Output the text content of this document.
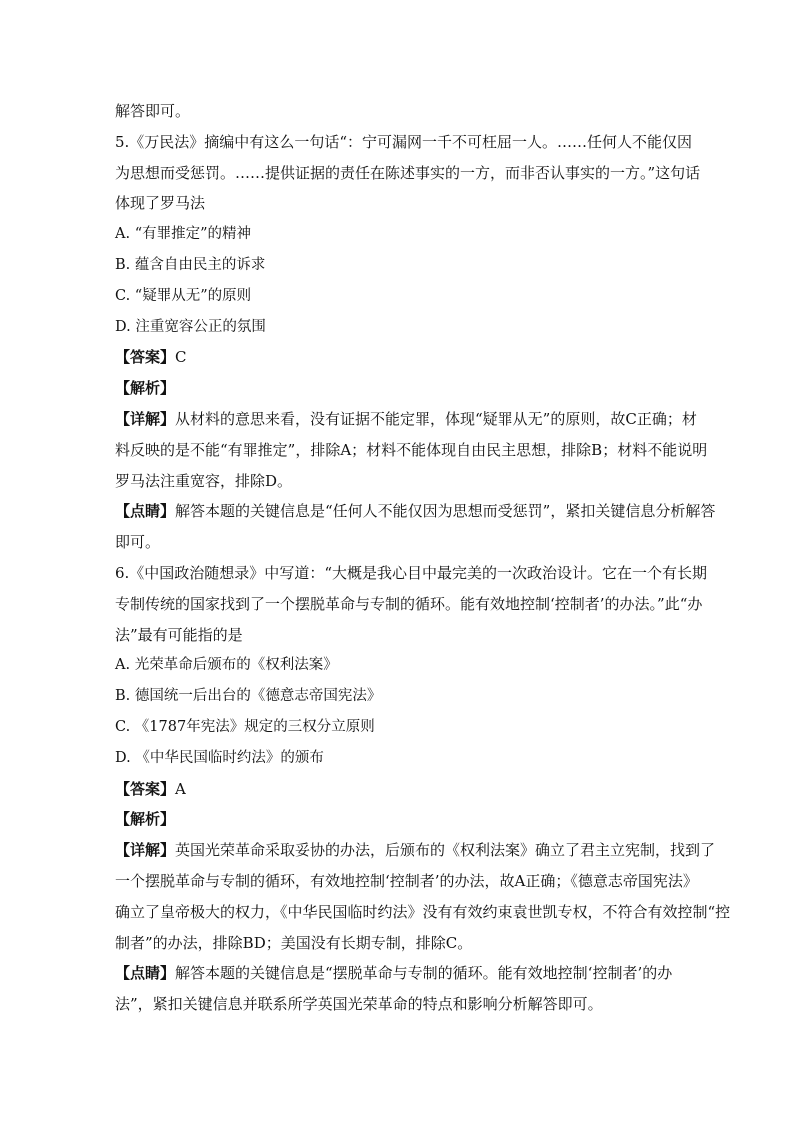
解答即可。
5.《万民法》摘编中有这么一句话“：宁可漏网一千不可枉屈一人。……任何人不能仅因
为思想而受惩罚。……提供证据的责任在陈述事实的一方，而非否认事实的一方。”这句话
体现了罗马法
A. “有罪推定”的精神
B. 蕴含自由民主的诉求
C. “疑罪从无”的原则
D. 注重宽容公正的氛围
【答案】C
【解析】
【详解】从材料的意思来看，没有证据不能定罪，体现“疑罪从无”的原则，故C正确；材
料反映的是不能“有罪推定”，排除A；材料不能体现自由民主思想，排除B；材料不能说明
罗马法注重宽容，排除D。
【点睛】解答本题的关键信息是“任何人不能仅因为思想而受惩罚”，紧扣关键信息分析解答
即可。
6.《中国政治随想录》中写道：“大概是我心目中最完美的一次政治设计。它在一个有长期
专制传统的国家找到了一个摆脱革命与专制的循环。能有效地控制‘控制者’的办法。”此“办
法”最有可能指的是
A. 光荣革命后颁布的《权利法案》
B. 德国统一后出台的《德意志帝国宪法》
C. 《1787年宪法》规定的三权分立原则
D. 《中华民国临时约法》的颁布
【答案】A
【解析】
【详解】英国光荣革命采取妥协的办法，后颁布的《权利法案》确立了君主立宪制，找到了
一个摆脱革命与专制的循环，有效地控制‘控制者’的办法，故A正确；《德意志帝国宪法》
确立了皇帝极大的权力，《中华民国临时约法》没有有效约束袁世凯专权，不符合有效控制“控
制者”的办法，排除BD；美国没有长期专制，排除C。
【点睛】解答本题的关键信息是“摆脱革命与专制的循环。能有效地控制‘控制者’的办
法”，紧扣关键信息并联系所学英国光荣革命的特点和影响分析解答即可。
